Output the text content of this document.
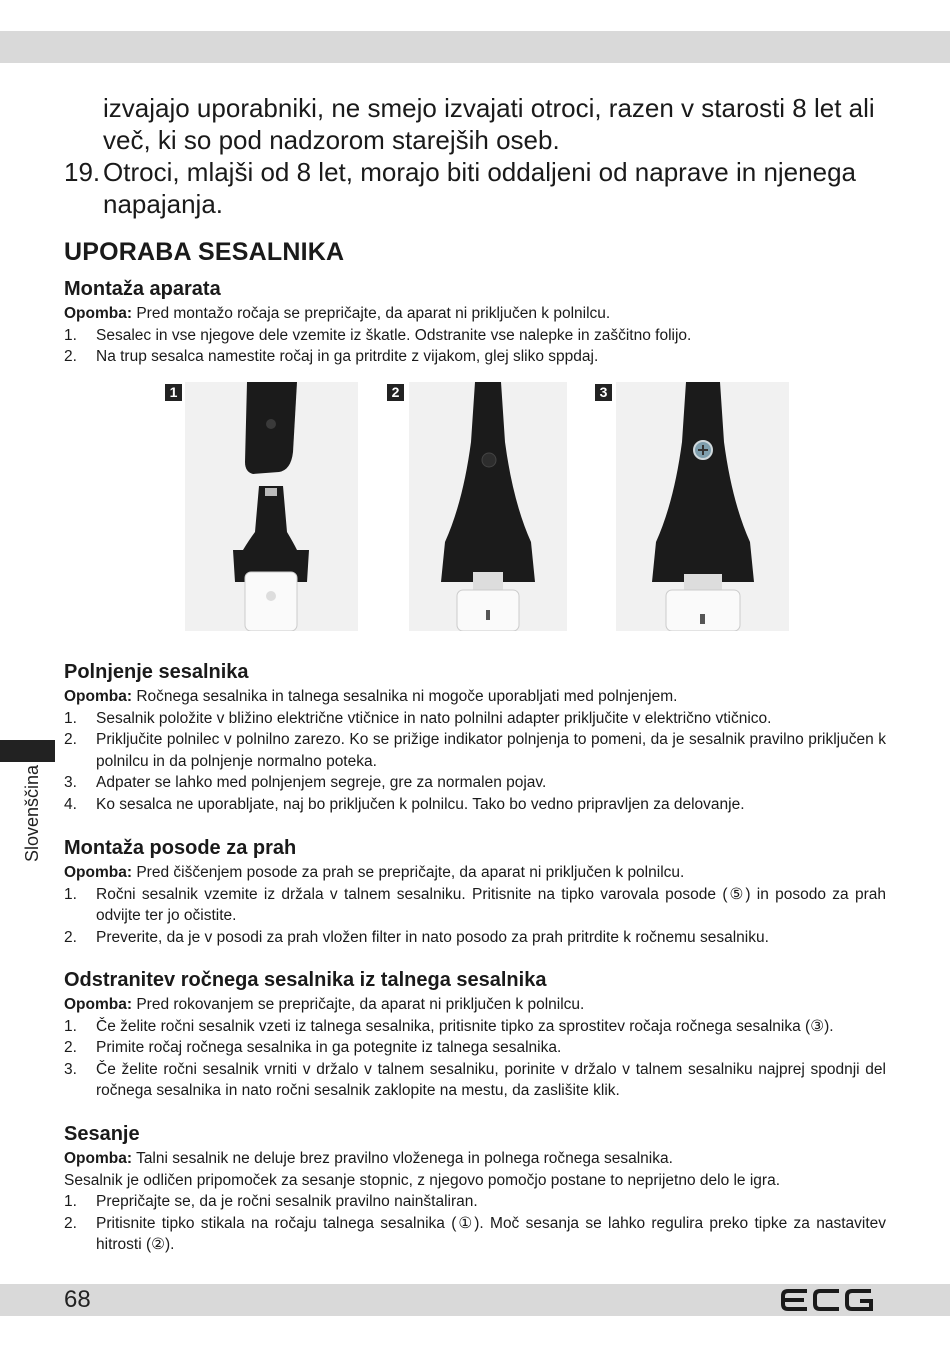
68
Slovenščina
izvajajo uporabniki, ne smejo izvajati otroci, razen v starosti 8 let ali več, ki so pod nadzorom starejših oseb.
19. Otroci, mlajši od 8 let, morajo biti oddaljeni od naprave in njenega napajanja.
UPORABA SESALNIKA
Montaža aparata

Opomba: Pred montažo ročaja se prepričajte, da aparat ni priključen k polnilcu.

1. Sesalec in vse njegove dele vzemite iz škatle. Odstranite vse nalepke in zaščitno folijo.
2. Na trup sesalca namestite ročaj in ga pritrdite z vijakom, glej sliko sppdaj.
1	2	3
Polnjenje sesalnika

Opomba: Ročnega sesalnika in talnega sesalnika ni mogoče uporabljati med polnjenjem.

1. Sesalnik položite v bližino električne vtičnice in nato polnilni adapter priključite v električno vtičnico.
2. Priključite polnilec v polnilno zarezo. Ko se prižige indikator polnjenja to pomeni, da je sesalnik pravilno priključen k polnilcu in da polnjenje normalno poteka.
3. Adpater se lahko med polnjenjem segreje, gre za normalen pojav.
4. Ko sesalca ne uporabljate, naj bo priključen k polnilcu. Tako bo vedno pripravljen za delovanje.
Montaža posode za prah

Opomba: Pred čiščenjem posode za prah se prepričajte, da aparat ni priključen k polnilcu.

1. Ročni sesalnik vzemite iz držala v talnem sesalniku. Pritisnite na tipko varovala posode (⑤) in posodo za prah odvijte ter jo očistite.
2. Preverite, da je v posodi za prah vložen filter in nato posodo za prah pritrdite k ročnemu sesalniku.
Odstranitev ročnega sesalnika iz talnega sesalnika

Opomba: Pred rokovanjem se prepričajte, da aparat ni priključen k polnilcu.

1. Če želite ročni sesalnik vzeti iz talnega sesalnika, pritisnite tipko za sprostitev ročaja ročnega sesalnika (③).
2. Primite ročaj ročnega sesalnika in ga potegnite iz talnega sesalnika.
3. Če želite ročni sesalnik vrniti v držalo v talnem sesalniku, porinite v držalo v talnem sesalniku najprej spodnji del ročnega sesalnika in nato ročni sesalnik zaklopite na mestu, da zaslišite klik.
Sesanje

Opomba: Talni sesalnik ne deluje brez pravilno vloženega in polnega ročnega sesalnika.

Sesalnik je odličen pripomoček za sesanje stopnic, z njegovo pomočjo postane to neprijetno delo le igra.

1. Prepričajte se, da je ročni sesalnik pravilno nainštaliran.
2. Pritisnite tipko stikala na ročaju talnega sesalnika (①). Moč sesanja se lahko regulira preko tipke za nastavitev hitrosti (②).
